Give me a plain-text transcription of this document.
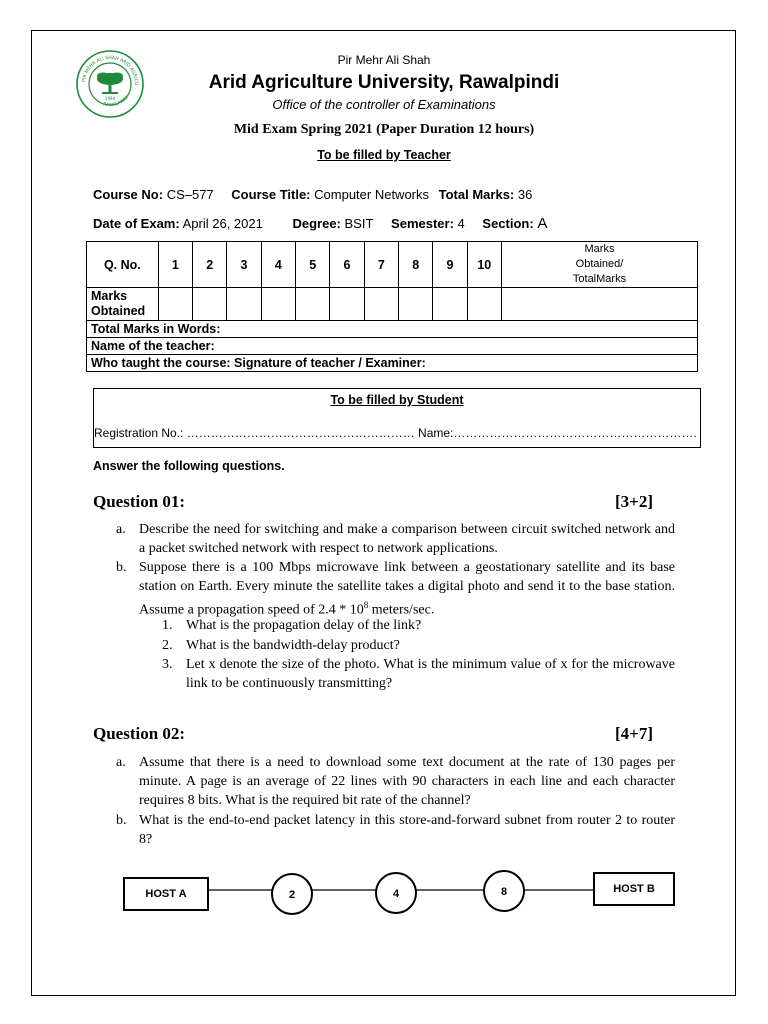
PIR MEHR ALI SHAH ARID AGRICU
RAWALPINDI
1994
Pir Mehr Ali Shah
Arid Agriculture University, Rawalpindi
Office of the controller of Examinations
Mid Exam Spring 2021 (Paper Duration 12 hours)
To be filled by Teacher
Course No: CS–577 Course Title: Computer Networks Total Marks: 36
Date of Exam: April 26, 2021 Degree: BSIT Semester: 4 Section: A
Q. No.	1	2	3	4	5	6	7	8	9	10	Marks
Obtained/
TotalMarks

Marks
Obtained											

Total Marks in Words:											
Name of the teacher:											
Who taught the course: Signature of teacher / Examiner:											
To be filled by Student
Registration No.: ………………………………………………… Name:…………………………………………………….
Answer the following questions.
Question 01:	[3+2]
a. Describe the need for switching and make a comparison between circuit switched network and a packet switched network with respect to network applications.
b. Suppose there is a 100 Mbps microwave link between a geostationary satellite and its base station on Earth. Every minute the satellite takes a digital photo and send it to the base station. Assume a propagation speed of $2.4 * 10^8$ meters/sec.
1. What is the propagation delay of the link?
2. What is the bandwidth-delay product?
3. Let x denote the size of the photo. What is the minimum value of x for the microwave link to be continuously transmitting?
Question 02:	[4+7]
a. Assume that there is a need to download some text document at the rate of 130 pages per minute. A page is an average of 22 lines with 90 characters in each line and each character requires 8 bits. What is the required bit rate of the channel?
b. What is the end-to-end packet latency in this store-and-forward subnet from router 2 to router 8?
HOST A	2	4	8	HOST B
